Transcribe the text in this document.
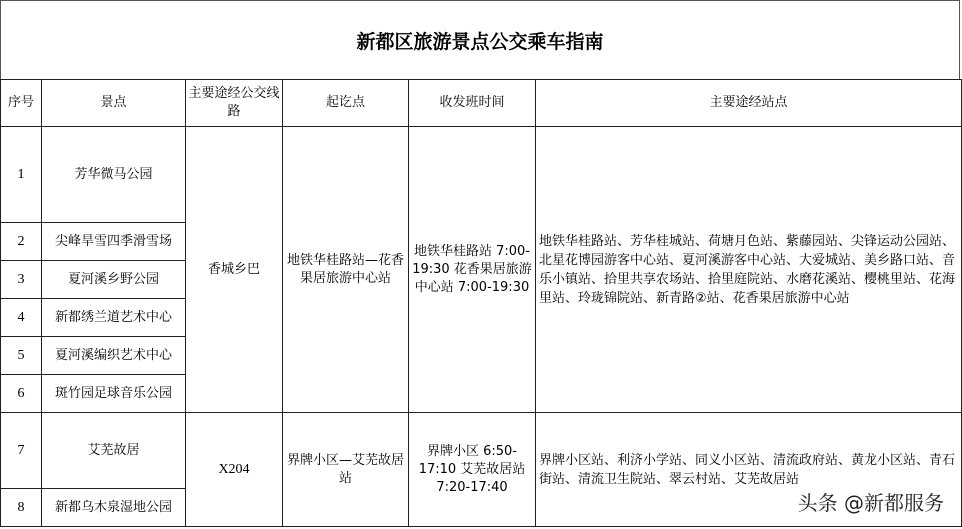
新都区旅游景点公交乘车指南
序号	景点	主要途经公交线路	起讫点	收发班时间	主要途经站点
1	芳华微马公园	香城乡巴	地铁华桂路站—花香果居旅游中心站	地铁华桂路站 7:00-19:30 花香果居旅游中心站 7:00-19:30	地铁华桂路站、芳华桂城站、荷塘月色站、紫藤园站、尖锋运动公园站、北星花博园游客中心站、夏河溪游客中心站、大爱城站、美乡路口站、音乐小镇站、拾里共享农场站、拾里庭院站、水磨花溪站、樱桃里站、花海里站、玲珑锦院站、新青路②站、花香果居旅游中心站
2	尖峰旱雪四季滑雪场				
3	夏河溪乡野公园				
4	新都绣兰道艺术中心				
5	夏河溪编织艺术中心				
6	斑竹园足球音乐公园				
7	艾芜故居	X204	界牌小区—艾芜故居站	界牌小区 6:50-17:10 艾芜故居站 7:20-17:40	界牌小区站、利济小学站、同义小区站、清流政府站、黄龙小区站、青石街站、清流卫生院站、翠云村站、艾芜故居站
8	新都乌木泉湿地公园					头条 @新都服务
